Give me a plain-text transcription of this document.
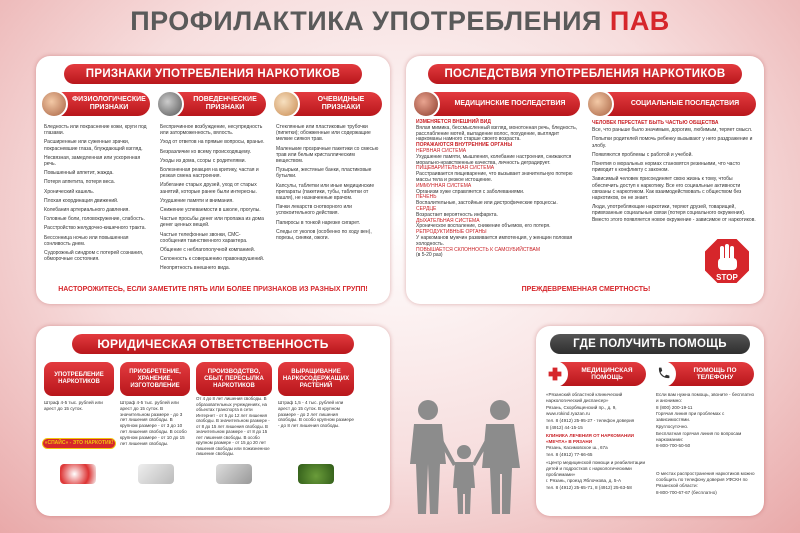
ПРОФИЛАКТИКА УПОТРЕБЛЕНИЯ ПАВ
ПРИЗНАКИ УПОТРЕБЛЕНИЯ НАРКОТИКОВ
ФИЗИОЛОГИЧЕСКИЕ ПРИЗНАКИ
ПОВЕДЕНЧЕСКИЕ ПРИЗНАКИ
ОЧЕВИДНЫЕ ПРИЗНАКИ

Бледность или покраснение кожи, круги под глазами.

Расширенные или суженные зрачки, покрасневшие глаза, блуждающий взгляд.

Несвязная, замедленная или ускоренная речь.

Повышенный аппетит, жажда.

Потеря аппетита, потеря веса.

Хронический кашель.

Плохая координация движений.

Колебания артериального давления.

Головные боли, головокружение, слабость.

Расстройство желудочно-кишечного тракта.

Бессонница ночью или повышенная сонливость днем.

Судорожный синдром с потерей сознания, обморочные состояния.

Беспричинное возбуждение, несупредность или заторможенность, вялость.

Уход от ответов на прямые вопросы, вранье.

Безразличие ко всему происходящему.

Уходы из дома, ссоры с родителями.

Болезненная реакция на критику, частая и резкая смена настроения.

Избегание старых друзей, уход от старых занятий, которые ранее были интересны.

Ухудшение памяти и внимания.

Снижение успеваемости в школе, прогулы.

Частые просьбы денег или пропажа из дома денег ценных вещей.

Частые телефонные звонки, СМС-сообщения таинственного характера.

Общение с неблагополучной компанией.

Склонность к совершению правонарушений.

Неопрятность внешнего вида.

Стеклянные или пластиковые трубочки (пипетки); обожженные или содержащие мелкие сиякоя трав.

Маленькие прозрачные пакетики со смесью трав или белым кристаллическим веществом.

Пузырьки, жестяные банки, пластиковые бутылки.

Капсулы, таблетки или иные медицинские препараты (пакетики, тубы, таблетки от кашля), не назначенные врачом.

Пачки лекарств снотворного или успокоительного действия.

Папиросы в тонкой нарезке сигарет.

Следы от уколов (особенно по ходу вен), порезы, синяки, ожоги.

НАСТОРОЖИТЕСЬ, ЕСЛИ ЗАМЕТИТЕ ПЯТЬ ИЛИ БОЛЕЕ ПРИЗНАКОВ ИЗ РАЗНЫХ ГРУПП!
ПОСЛЕДСТВИЯ УПОТРЕБЛЕНИЯ НАРКОТИКОВ
МЕДИЦИНСКИЕ ПОСЛЕДСТВИЯ	СОЦИАЛЬНЫЕ ПОСЛЕДСТВИЯ
ИЗМЕНЯЕТСЯ ВНЕШНИЙ ВИД
Вялая мимика, бессмысленный взгляд, монотонная речь, бледность, расслабление мотей, выпадение волос, похудение, выглядит наркоманы намного старше своего возраста.
ПОРАЖАЮТСЯ ВНУТРЕННИЕ ОРГАНЫ
НЕРВНАЯ СИСТЕМА
Ухудшение памяти, мышления, колебание настроения, снижаются морально-нравственные качества, личность деградирует.
ПИЩЕВАРИТЕЛЬНАЯ СИСТЕМА
Расстраивается пищеварение, что вызывает значительную потерю массы тела и резкое истощение.
ИММУННАЯ СИСТЕМА
Организм хуже справляется с заболеваниями.
ПЕЧЕНЬ
Воспалительные, застойные или дистрофические процессы.
СЕРДЦЕ
Возрастает вероятность инфаркта.
ДЫХАТЕЛЬНАЯ СИСТЕМА
Хроническое воспаление, снижение объемов, его потеря.
РЕПРОДУКТИВНЫЕ ОРГАНЫ
У наркоманов мужчин развивается импотенция, у женщин половая холодность.
ПОВЫШАЕТСЯ СКЛОННОСТЬ К САМОУБИЙСТВАМ
(в 5-20 раз)
ЧЕЛОВЕК ПЕРЕСТАЕТ БЫТЬ ЧАСТЬЮ ОБЩЕСТВА

Все, что раньше было значимым, дорогим, любимым, теряет смысл.

Попытки родителей помочь ребенку вызывают у него раздражение и злобу.

Появляются проблемы с работой и учебой.

Понятия о моральных нормах становятся резиньими, что часто приводит к конфликту с законом.

Зависимый человек присоединяет свою жизнь к тому, чтобы обеспечить доступ к наркотику. Все его социальные активности связаны с наркотиком. Как взаимодействовать с обществом без наркотиков, он не знает.

Люди, употребляющие наркотики, теряют друзей, товарищей, привязанные социальные связи (потеря социального окружения). Вместо этого появляется новое окружение - зависимое от наркотиков.

STOP
ПРЕЖДЕВРЕМЕННАЯ СМЕРТНОСТЬ!
ЮРИДИЧЕСКАЯ ОТВЕТСТВЕННОСТЬ
УПОТРЕБЛЕНИЕ НАРКОТИКОВ
ПРИОБРЕТЕНИЕ, ХРАНЕНИЕ, ИЗГОТОВЛЕНИЕ
ПРОИЗВОДСТВО, СБЫТ, ПЕРЕСЫЛКА НАРКОТИКОВ
ВЫРАЩИВАНИЕ НАРКОСОДЕРЖАЩИХ РАСТЕНИЙ
Штраф 4-5 тыс. рублей или арест до 15 суток.
Штраф 4-5 тыс. рублей или арест до 15 суток. В значительном размере - до 3 лет лишения свободы. В крупном размере - от 3 до 10 лет лишения свободы. В особо крупном размере - от 10 до 15 лет лишения свободы.
От 4 до 8 лет лишения свободы. В образовательных учреждениях, на объектах транспорта в сети Интернет - от 5 до 12 лет лишения свободы. В значительном размере - от 8 до 15 лет лишения свободы. В значительном размере - от 8 до 15 лет лишения свободы. В особо крупном размере - от 15 до 20 лет лишения свободы или пожизненное лишение свободы.
Штраф 1,5 - 4 тыс. рублей или арест до 15 суток. В крупном размере - до 2 лет лишения свободы. В особо крупном размере - до 8 лет лишения свободы.
«СПАЙС» - ЭТО НАРКОТИК!
ГДЕ ПОЛУЧИТЬ ПОМОЩЬ
МЕДИЦИНСКАЯ ПОМОЩЬ
ПОМОЩЬ ПО ТЕЛЕФОНУ

«Рязанский областной клинический наркологический диспансер»

Рязань, Скорбященский пр., д. 9,

www.rokind.ryazan.ru

тел. 8 (4912) 25-95-27 - телефон доверия

8 (4912) 44-15-15

КЛИНИКА ЛЕЧЕНИЯ ОТ НАРКОМАНИИ «МЕЧТА» В РЯЗАНИ

Рязань, Касимовское ш., 67а

тел. 8 (4912) 77-66-65

«Центр медицинской помощи и реабилитации детей и подростков с наркологическими проблемами»

г. Рязань, проезд Яблочкова, д. 5-А

тел. 8 (4912) 25-65-71, 8 (4912) 25-63-58

Если вам нужна помощь, звоните - бесплатно и анонимно:

8 (800) 200-19-11

Горячая линия при проблемах с зависимостями.

Круглосуточно.

Бесплатная горячая линия по вопросам наркомании:

8-800-700-50-50

О местах распространения наркотиков можно сообщить по телефону доверия УФСКН по Рязанской области:

8-800-700-67-67 (бесплатно)
